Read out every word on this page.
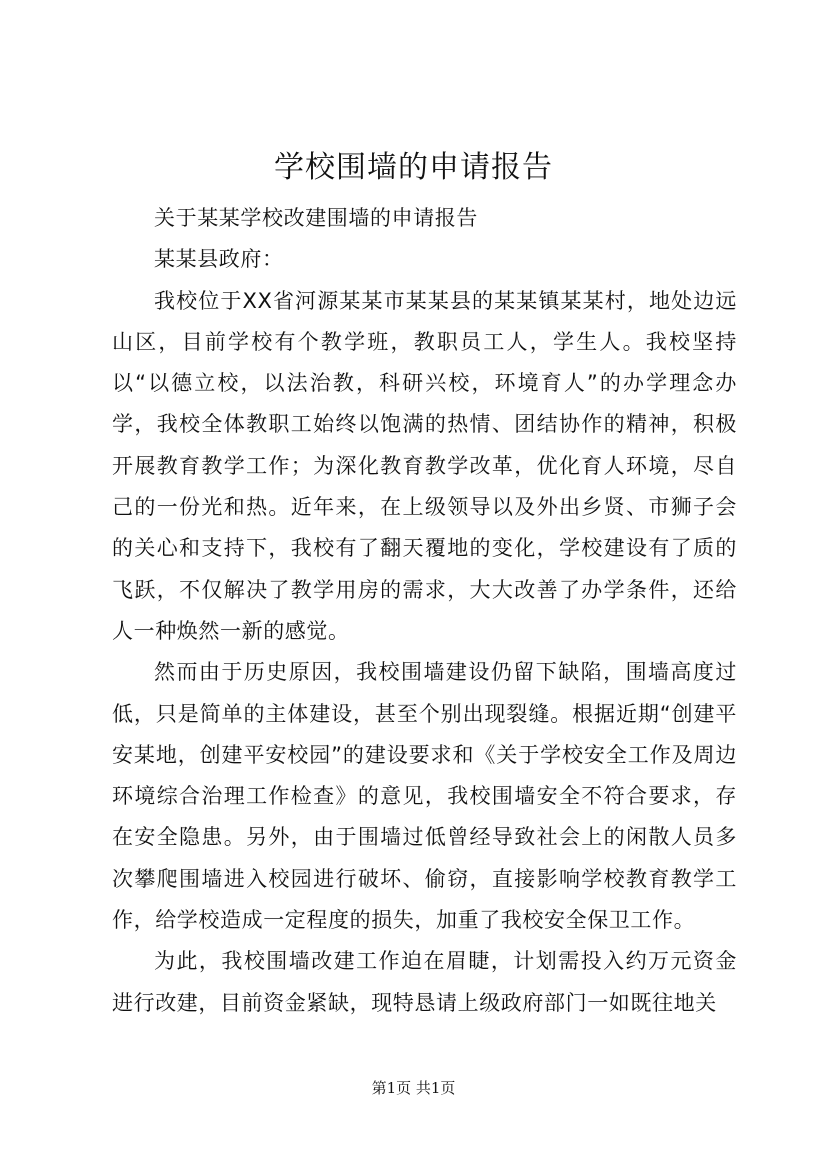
学校围墙的申请报告

关于某某学校改建围墙的申请报告

某某县政府：

我校位于XX省河源某某市某某县的某某镇某某村，地处边远山区，目前学校有个教学班，教职员工人，学生人。我校坚持以“以德立校，以法治教，科研兴校，环境育人”的办学理念办学，我校全体教职工始终以饱满的热情、团结协作的精神，积极开展教育教学工作；为深化教育教学改革，优化育人环境，尽自己的一份光和热。近年来，在上级领导以及外出乡贤、市狮子会的关心和支持下，我校有了翻天覆地的变化，学校建设有了质的飞跃，不仅解决了教学用房的需求，大大改善了办学条件，还给人一种焕然一新的感觉。

然而由于历史原因，我校围墙建设仍留下缺陷，围墙高度过低，只是简单的主体建设，甚至个别出现裂缝。根据近期“创建平安某地，创建平安校园”的建设要求和《关于学校安全工作及周边环境综合治理工作检查》的意见，我校围墙安全不符合要求，存在安全隐患。另外，由于围墙过低曾经导致社会上的闲散人员多次攀爬围墙进入校园进行破坏、偷窃，直接影响学校教育教学工作，给学校造成一定程度的损失，加重了我校安全保卫工作。

为此，我校围墙改建工作迫在眉睫，计划需投入约万元资金进行改建，目前资金紧缺，现特恳请上级政府部门一如既往地关

第1页 共1页
